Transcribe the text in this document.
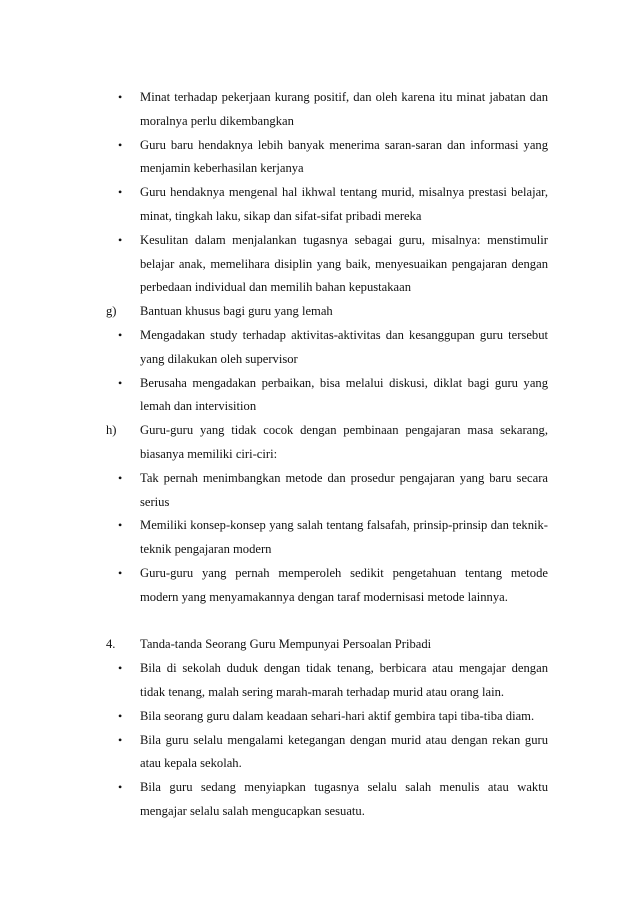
• Minat terhadap pekerjaan kurang positif, dan oleh karena itu minat jabatan dan moralnya perlu dikembangkan
• Guru baru hendaknya lebih banyak menerima saran-saran dan informasi yang menjamin keberhasilan kerjanya
• Guru hendaknya mengenal hal ikhwal tentang murid, misalnya prestasi belajar, minat, tingkah laku, sikap dan sifat-sifat pribadi mereka
• Kesulitan dalam menjalankan tugasnya sebagai guru, misalnya: menstimulir belajar anak, memelihara disiplin yang baik, menyesuaikan pengajaran dengan perbedaan individual dan memilih bahan kepustakaan
g) Bantuan khusus bagi guru yang lemah
• Mengadakan study terhadap aktivitas-aktivitas dan kesanggupan guru tersebut yang dilakukan oleh supervisor
• Berusaha mengadakan perbaikan, bisa melalui diskusi, diklat bagi guru yang lemah dan intervisition
h) Guru-guru yang tidak cocok dengan pembinaan pengajaran masa sekarang, biasanya memiliki ciri-ciri:
• Tak pernah menimbangkan metode dan prosedur pengajaran yang baru secara serius
• Memiliki konsep-konsep yang salah tentang falsafah, prinsip-prinsip dan teknik-teknik pengajaran modern
• Guru-guru yang pernah memperoleh sedikit pengetahuan tentang metode modern yang menyamakannya dengan taraf modernisasi metode lainnya.
4. Tanda-tanda Seorang Guru Mempunyai Persoalan Pribadi
• Bila di sekolah duduk dengan tidak tenang, berbicara atau mengajar dengan tidak tenang, malah sering marah-marah terhadap murid atau orang lain.
• Bila seorang guru dalam keadaan sehari-hari aktif gembira tapi tiba-tiba diam.
• Bila guru selalu mengalami ketegangan dengan murid atau dengan rekan guru atau kepala sekolah.
• Bila guru sedang menyiapkan tugasnya selalu salah menulis atau waktu mengajar selalu salah mengucapkan sesuatu.
